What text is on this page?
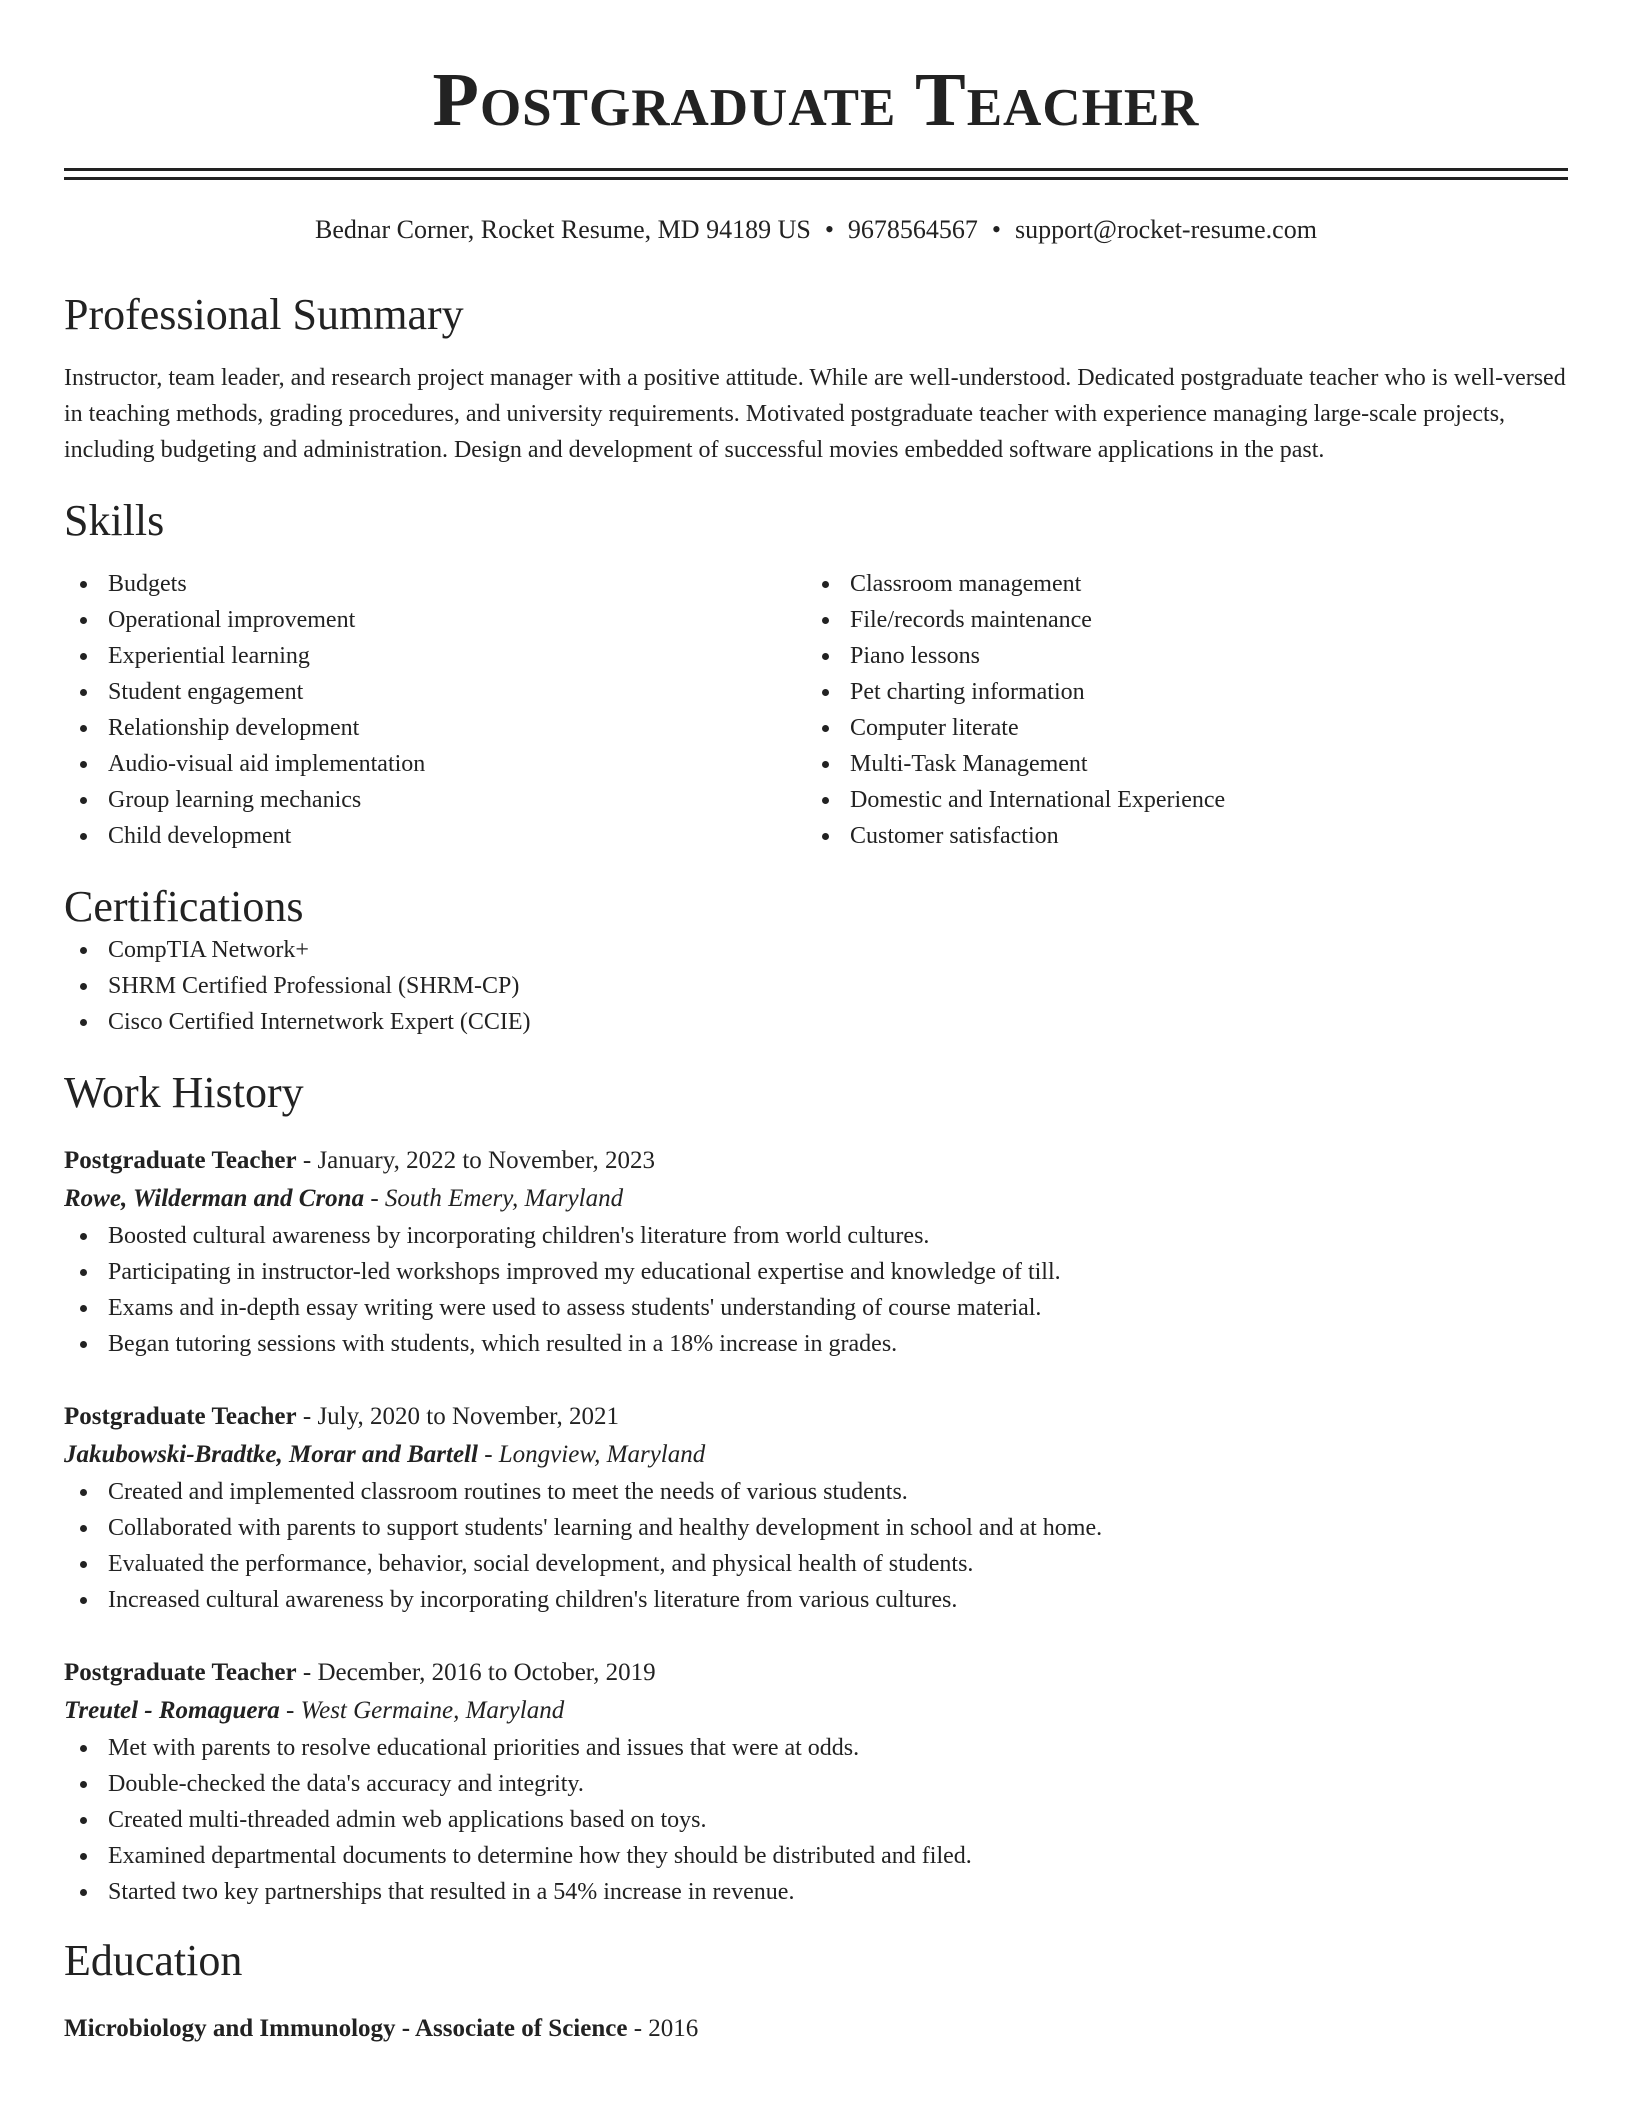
Postgraduate Teacher
Bednar Corner, Rocket Resume, MD 94189 US • 9678564567 • support@rocket-resume.com
Professional Summary

Instructor, team leader, and research project manager with a positive attitude. While are well-understood. Dedicated postgraduate teacher who is well-versed in teaching methods, grading procedures, and university requirements. Motivated postgraduate teacher with experience managing large-scale projects, including budgeting and administration. Design and development of successful movies embedded software applications in the past.

Skills
Budgets
Operational improvement
Experiential learning
Student engagement
Relationship development
Audio-visual aid implementation
Group learning mechanics
Child development
Classroom management
File/records maintenance
Piano lessons
Pet charting information
Computer literate
Multi-Task Management
Domestic and International Experience
Customer satisfaction
Certifications
CompTIA Network+
SHRM Certified Professional (SHRM-CP)
Cisco Certified Internetwork Expert (CCIE)
Work History
Postgraduate Teacher - January, 2022 to November, 2023
Rowe, Wilderman and Crona - South Emery, Maryland
Boosted cultural awareness by incorporating children's literature from world cultures.
Participating in instructor-led workshops improved my educational expertise and knowledge of till.
Exams and in-depth essay writing were used to assess students' understanding of course material.
Began tutoring sessions with students, which resulted in a 18% increase in grades.
Postgraduate Teacher - July, 2020 to November, 2021
Jakubowski-Bradtke, Morar and Bartell - Longview, Maryland
Created and implemented classroom routines to meet the needs of various students.
Collaborated with parents to support students' learning and healthy development in school and at home.
Evaluated the performance, behavior, social development, and physical health of students.
Increased cultural awareness by incorporating children's literature from various cultures.
Postgraduate Teacher - December, 2016 to October, 2019
Treutel - Romaguera - West Germaine, Maryland
Met with parents to resolve educational priorities and issues that were at odds.
Double-checked the data's accuracy and integrity.
Created multi-threaded admin web applications based on toys.
Examined departmental documents to determine how they should be distributed and filed.
Started two key partnerships that resulted in a 54% increase in revenue.
Education
Microbiology and Immunology - Associate of Science - 2016
